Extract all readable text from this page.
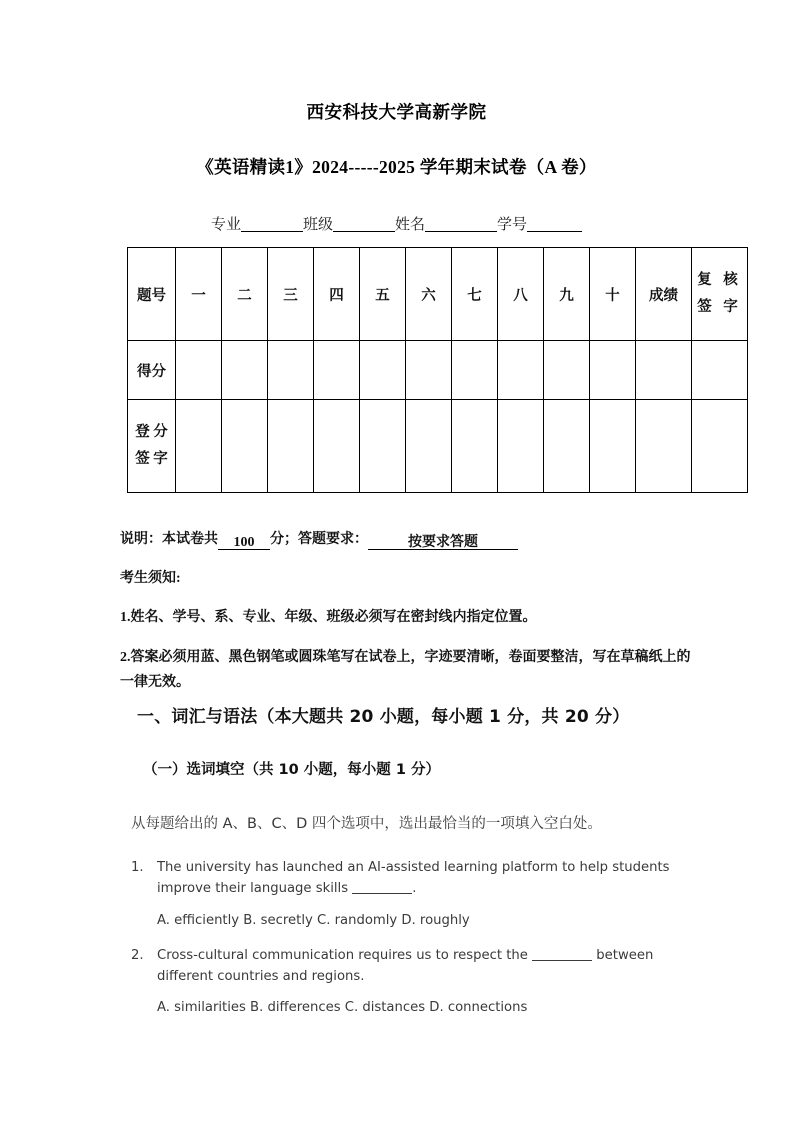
西安科技大学高新学院
《英语精读1》2024-----2025 学年期末试卷（A 卷）
专业	班级	姓名	学号
题号	一	二	三	四	五	六	七	八	九	十	成绩	复 核
签 字

得分												

登 分
签 字												

说明：本试卷共 100 分；答题要求：	按要求答题
考生须知:
1.姓名、学号、系、专业、年级、班级必须写在密封线内指定位置。
2.答案必须用蓝、黑色钢笔或圆珠笔写在试卷上，字迹要清晰，卷面要整洁，写在草稿纸上的一律无效。
一、词汇与语法（本大题共 20 小题，每小题 1 分，共 20 分）
（一）选词填空（共 10 小题，每小题 1 分）
从每题给出的 A、B、C、D 四个选项中，选出最恰当的一项填入空白处。
1.	The university has launched an AI-assisted learning platform to help students improve their language skills	.
A. efficiently B. secretly C. randomly D. roughly
2.	Cross-cultural communication requires us to respect the	between different countries and regions.
A. similarities B. differences C. distances D. connections
